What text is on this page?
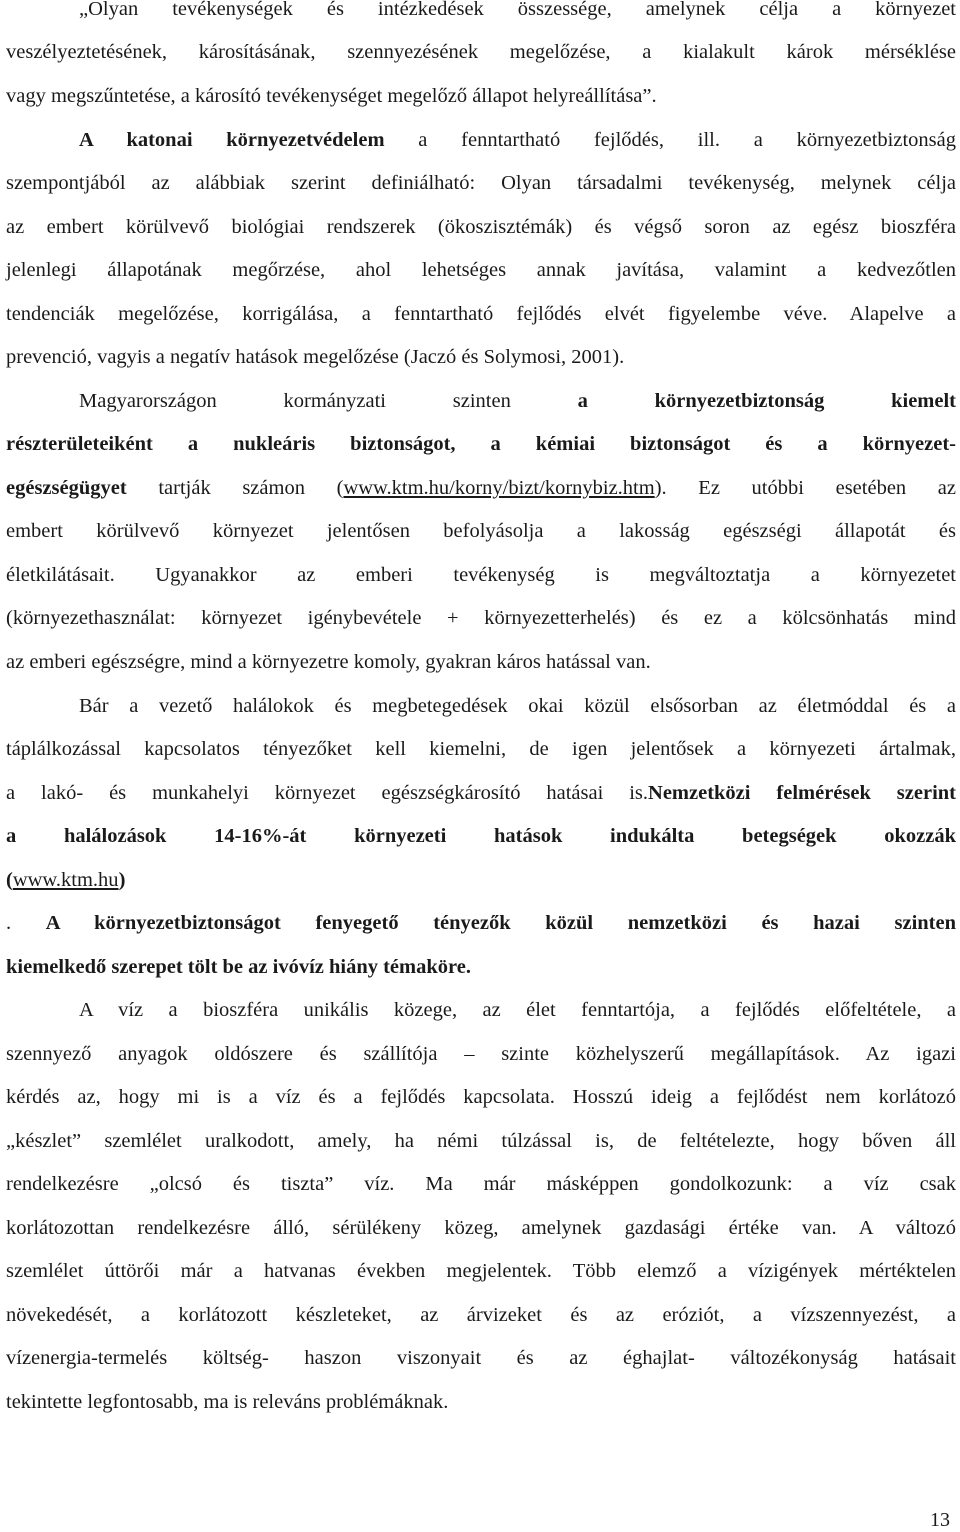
„Olyan tevékenységek és intézkedések összessége, amelynek célja a környezet
veszélyeztetésének, károsításának, szennyezésének megelőzése, a kialakult károk mérséklése
vagy megszűntetése, a károsító tevékenységet megelőző állapot helyreállítása”.
A katonai környezetvédelem a fenntartható fejlődés, ill. a környezetbiztonság
szempontjából az alábbiak szerint definiálható: Olyan társadalmi tevékenység, melynek célja
az embert körülvevő biológiai rendszerek (ökoszisztémák) és végső soron az egész bioszféra
jelenlegi állapotának megőrzése, ahol lehetséges annak javítása, valamint a kedvezőtlen
tendenciák megelőzése, korrigálása, a fenntartható fejlődés elvét figyelembe véve. Alapelve a
prevenció, vagyis a negatív hatások megelőzése (Jaczó és Solymosi, 2001).
Magyarországon kormányzati szinten a környezetbiztonság kiemelt
részterületeiként a nukleáris biztonságot, a kémiai biztonságot és a környezet-
egészségügyet tartják számon (www.ktm.hu/korny/bizt/kornybiz.htm). Ez utóbbi esetében az
embert körülvevő környezet jelentősen befolyásolja a lakosság egészségi állapotát és
életkilátásait. Ugyanakkor az emberi tevékenység is megváltoztatja a környezetet
(környezethasználat: környezet igénybevétele + környezetterhelés) és ez a kölcsönhatás mind
az emberi egészségre, mind a környezetre komoly, gyakran káros hatással van.
Bár a vezető halálokok és megbetegedések okai közül elsősorban az életmóddal és a
táplálkozással kapcsolatos tényezőket kell kiemelni, de igen jelentősek a környezeti ártalmak,
a lakó- és munkahelyi környezet egészségkárosító hatásai is.Nemzetközi felmérések szerint
a halálozások 14-16%-át környezeti hatások indukálta betegségek okozzák
(www.ktm.hu)
. A környezetbiztonságot fenyegető tényezők közül nemzetközi és hazai szinten
kiemelkedő szerepet tölt be az ivóvíz hiány témaköre.
A víz a bioszféra unikális közege, az élet fenntartója, a fejlődés előfeltétele, a
szennyező anyagok oldószere és szállítója – szinte közhelyszerű megállapítások. Az igazi
kérdés az, hogy mi is a víz és a fejlődés kapcsolata. Hosszú ideig a fejlődést nem korlátozó
„készlet” szemlélet uralkodott, amely, ha némi túlzással is, de feltételezte, hogy bőven áll
rendelkezésre „olcsó és tiszta” víz. Ma már másképpen gondolkozunk: a víz csak
korlátozottan rendelkezésre álló, sérülékeny közeg, amelynek gazdasági értéke van. A változó
szemlélet úttörői már a hatvanas években megjelentek. Több elemző a vízigények mértéktelen
növekedését, a korlátozott készleteket, az árvizeket és az eróziót, a vízszennyezést, a
vízenergia-termelés költség- haszon viszonyait és az éghajlat- változékonyság hatásait
tekintette legfontosabb, ma is releváns problémáknak.
13
